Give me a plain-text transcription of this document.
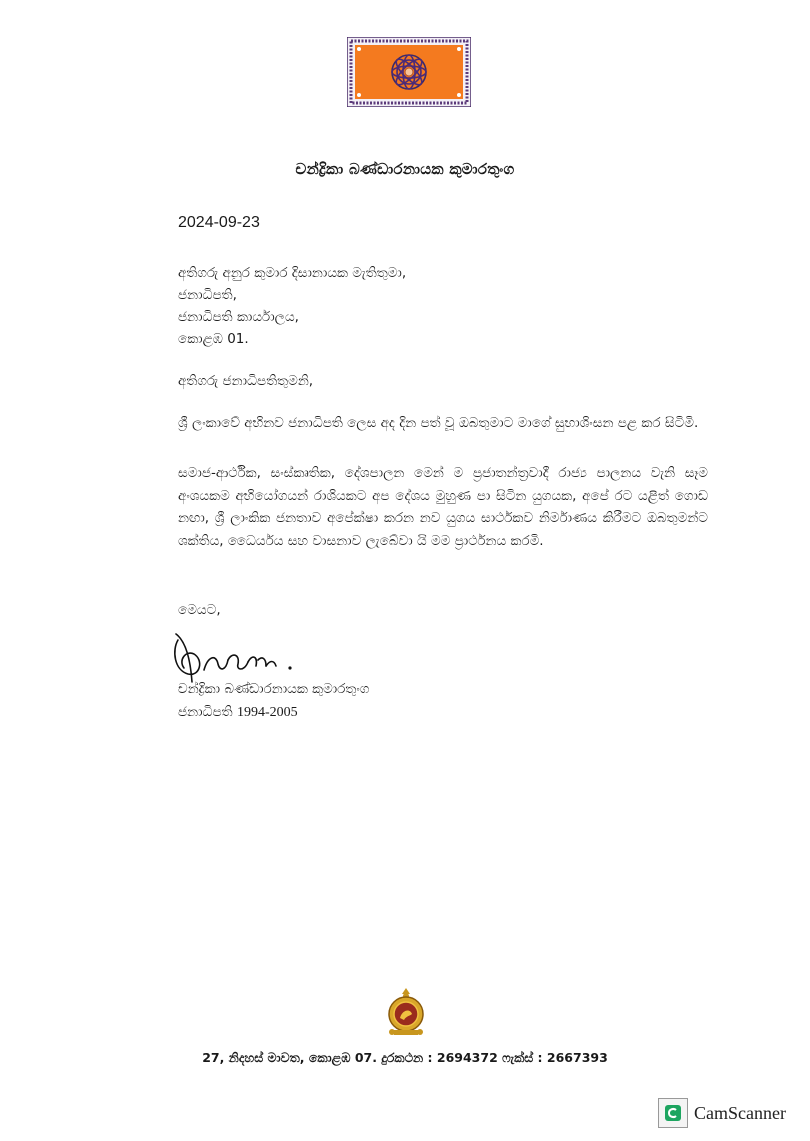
චන්ද්‍රිකා බණ්ඩාරනායක කුමාරතුංග
2024-09-23
අතිගරු අනුර කුමාර දිසානායක මැතිතුමා,
ජනාධිපති,
ජනාධිපති කාර්යාලය,
කොළඹ 01.
අතිගරු ජනාධිපතිතුමනි,
ශ්‍රී ලංකාවේ අභිනව ජනාධිපති ලෙස අද දින පත් වූ ඔබතුමාට මාගේ සුභාශිංසන පළ කර සිටිමි.
සමාජ-ආර්ථික, සංස්කෘතික, දේශපාලන මෙන් ම ප්‍රජාතන්ත්‍රවාදී රාජ්‍ය පාලනය වැනි සෑම අංශයකම අභියෝගයන් රාශියකට අප දේශය මුහුණ පා සිටින යුගයක, අපේ රට යළිත් ගොඩ නඟා, ශ්‍රී ලාංකික ජනතාව අපේක්ෂා කරන නව යුගය සාර්ථකව නිර්මාණය කිරීමට ඔබතුමන්ට ශක්තිය, ධෛර්යය සහ වාසනාව ලැබේවා යි මම ප්‍රාර්ථනය කරමි.
මෙයට,
චන්ද්‍රිකා බණ්ඩාරනායක කුමාරතුංග
ජනාධිපති 1994-2005
27, නිදහස් මාවත, කොළඹ 07. දුරකථන : 2694372 ෆැක්ස් : 2667393
CamScanner
